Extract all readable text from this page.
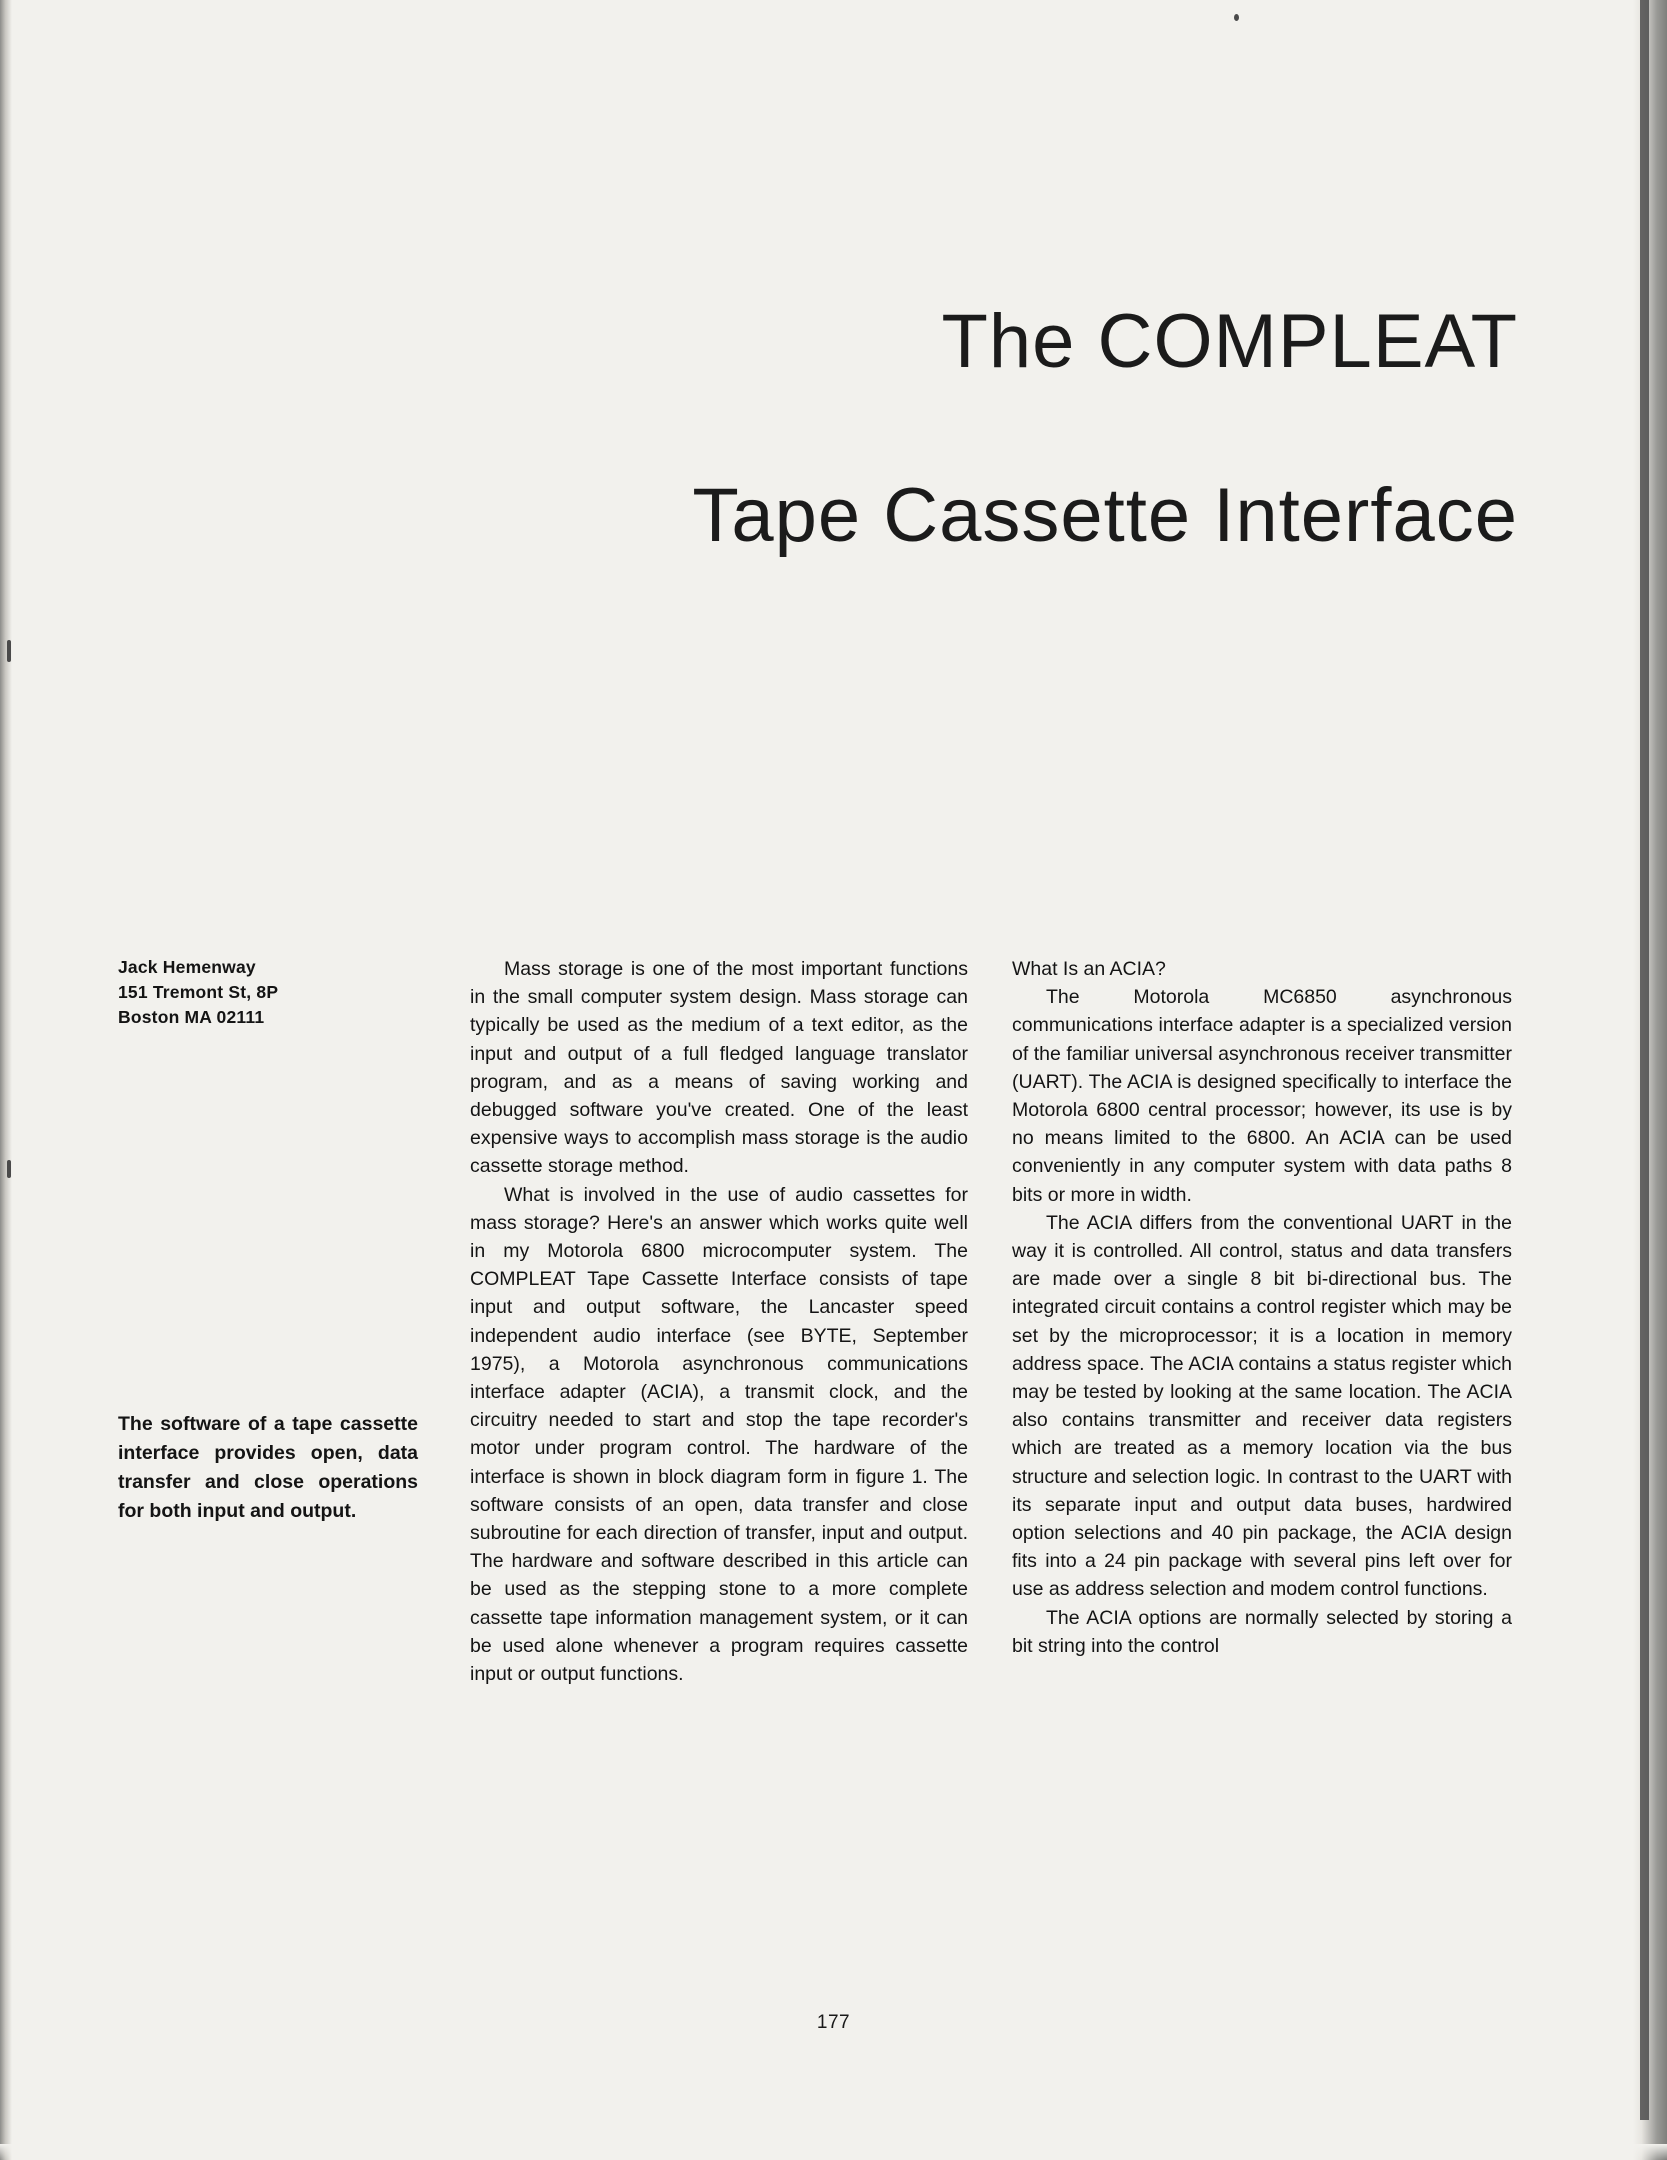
The COMPLEAT
Tape Cassette Interface
Jack Hemenway
151 Tremont St, 8P
Boston MA 02111
The software of a tape cassette interface provides open, data transfer and close operations for both input and output.

Mass storage is one of the most important functions in the small computer system design. Mass storage can typically be used as the medium of a text editor, as the input and output of a full fledged language translator program, and as a means of saving working and debugged software you've created. One of the least expensive ways to accomplish mass storage is the audio cassette storage method.

What is involved in the use of audio cassettes for mass storage? Here's an answer which works quite well in my Motorola 6800 microcomputer system. The COMPLEAT Tape Cassette Interface consists of tape input and output software, the Lancaster speed independent audio interface (see BYTE, September 1975), a Motorola asynchronous communications interface adapter (ACIA), a transmit clock, and the circuitry needed to start and stop the tape recorder's motor under program control. The hardware of the interface is shown in block diagram form in figure 1. The software consists of an open, data transfer and close subroutine for each direction of transfer, input and output. The hardware and software described in this article can be used as the stepping stone to a more complete cassette tape information management system, or it can be used alone whenever a program requires cassette input or output functions.

What Is an ACIA?

The Motorola MC6850 asynchronous communications interface adapter is a specialized version of the familiar universal asynchronous receiver transmitter (UART). The ACIA is designed specifically to interface the Motorola 6800 central processor; however, its use is by no means limited to the 6800. An ACIA can be used conveniently in any computer system with data paths 8 bits or more in width.

The ACIA differs from the conventional UART in the way it is controlled. All control, status and data transfers are made over a single 8 bit bi-directional bus. The integrated circuit contains a control register which may be set by the microprocessor; it is a location in memory address space. The ACIA contains a status register which may be tested by looking at the same location. The ACIA also contains transmitter and receiver data registers which are treated as a memory location via the bus structure and selection logic. In contrast to the UART with its separate input and output data buses, hardwired option selections and 40 pin package, the ACIA design fits into a 24 pin package with several pins left over for use as address selection and modem control functions.

The ACIA options are normally selected by storing a bit string into the control

177
